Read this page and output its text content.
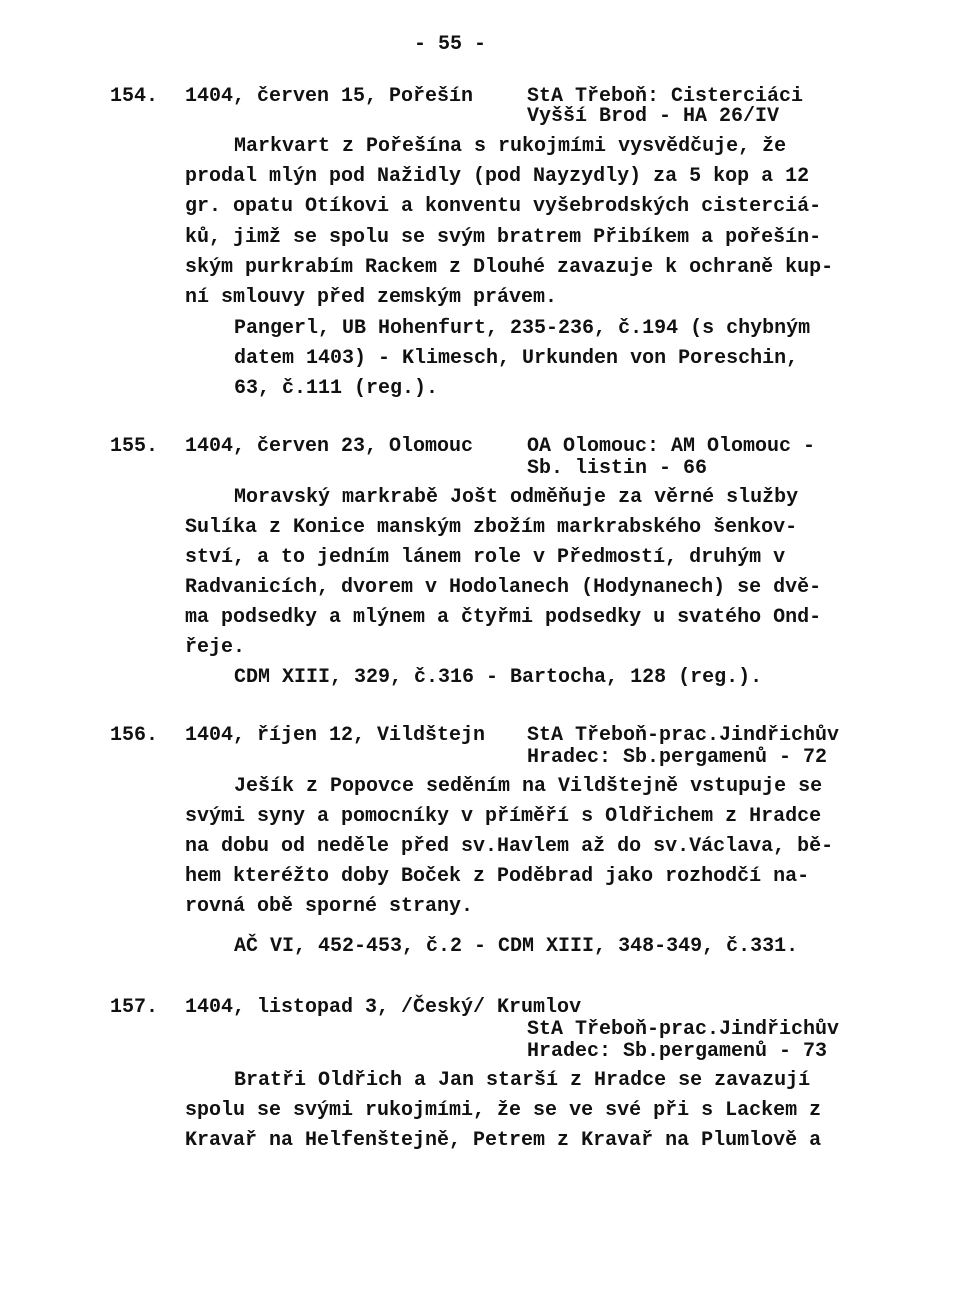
- 55 -
154. 1404, červen 15, Pořešín	StA Třeboň: Cisterciáci
Vyšší Brod - HA 26/IV
Markvart z Pořešína s rukojmími vysvědčuje, že
prodal mlýn pod Nažidly (pod Nayzydly) za 5 kop a 12
gr. opatu Otíkovi a konventu vyšebrodských cisterciá-
ků, jimž se spolu se svým bratrem Přibíkem a pořešín-
ským purkrabím Rackem z Dlouhé zavazuje k ochraně kup-
ní smlouvy před zemským právem.
Pangerl, UB Hohenfurt, 235-236, č.194 (s chybným
datem 1403) - Klimesch, Urkunden von Poreschin,
63, č.111 (reg.).
155. 1404, červen 23, Olomouc	OA Olomouc: AM Olomouc -
Sb. listin - 66
Moravský markrabě Jošt odměňuje za věrné služby
Sulíka z Konice manským zbožím markrabského šenkov-
ství, a to jedním lánem role v Předmostí, druhým v
Radvanicích, dvorem v Hodolanech (Hodynanech) se dvě-
ma podsedky a mlýnem a čtyřmi podsedky u svatého Ond-
řeje.
CDM XIII, 329, č.316 - Bartocha, 128 (reg.).
156. 1404, říjen 12, Vildštejn StA Třeboň-prac.Jindřichův
Hradec: Sb.pergamenů - 72
Ješík z Popovce seděním na Vildštejně vstupuje se
svými syny a pomocníky v příměří s Oldřichem z Hradce
na dobu od neděle před sv.Havlem až do sv.Václava, bě-
hem kteréžto doby Boček z Poděbrad jako rozhodčí na-
rovná obě sporné strany.
AČ VI, 452-453, č.2 - CDM XIII, 348-349, č.331.
157. 1404, listopad 3, /Český/ Krumlov
StA Třeboň-prac.Jindřichův
Hradec: Sb.pergamenů - 73
Bratři Oldřich a Jan starší z Hradce se zavazují
spolu se svými rukojmími, že se ve své při s Lackem z
Kravař na Helfenštejně, Petrem z Kravař na Plumlově a
